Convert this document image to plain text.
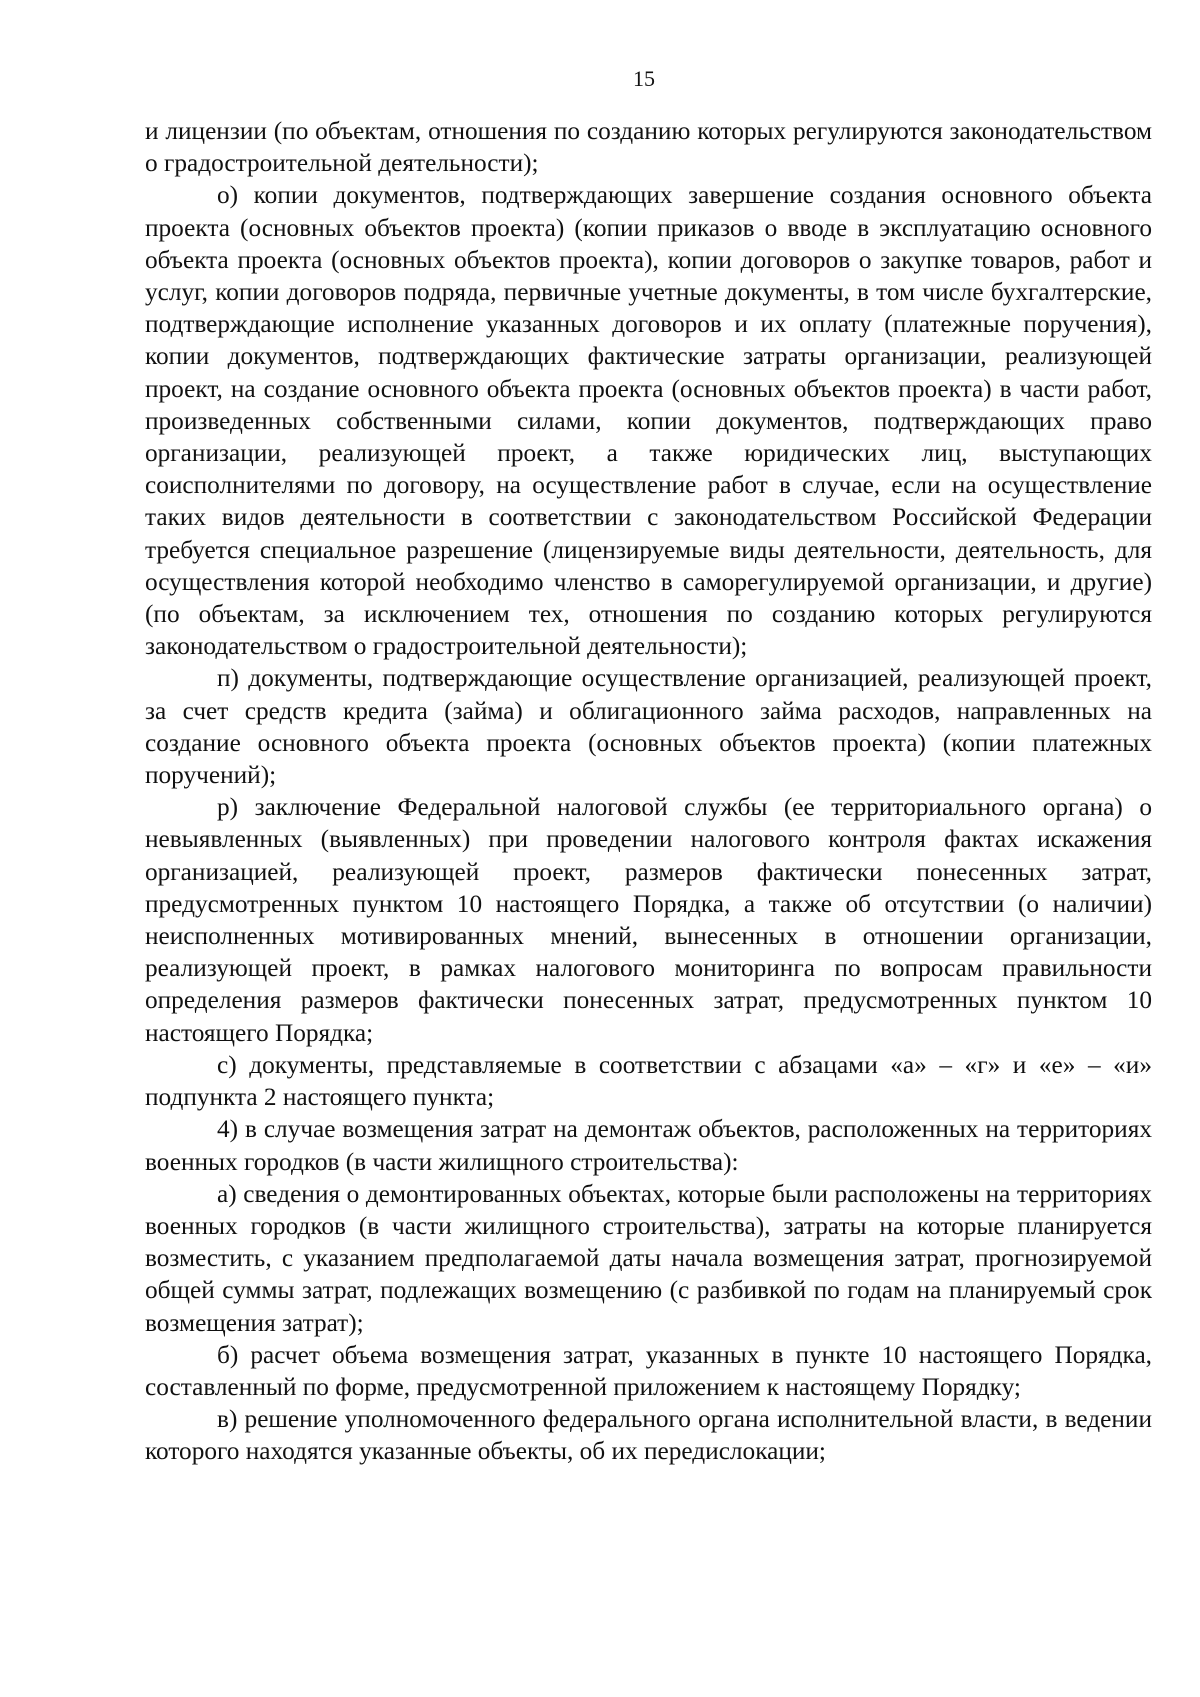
15

и лицензии (по объектам, отношения по созданию которых регулируются законодательством о градостроительной деятельности);

о) копии документов, подтверждающих завершение создания основного объекта проекта (основных объектов проекта) (копии приказов о вводе в эксплуатацию основного объекта проекта (основных объектов проекта), копии договоров о закупке товаров, работ и услуг, копии договоров подряда, первичные учетные документы, в том числе бухгалтерские, подтверждающие исполнение указанных договоров и их оплату (платежные поручения), копии документов, подтверждающих фактические затраты организации, реализующей проект, на создание основного объекта проекта (основных объектов проекта) в части работ, произведенных собственными силами, копии документов, подтверждающих право организации, реализующей проект, а также юридических лиц, выступающих соисполнителями по договору, на осуществление работ в случае, если на осуществление таких видов деятельности в соответствии с законодательством Российской Федерации требуется специальное разрешение (лицензируемые виды деятельности, деятельность, для осуществления которой необходимо членство в саморегулируемой организации, и другие) (по объектам, за исключением тех, отношения по созданию которых регулируются законодательством о градостроительной деятельности);

п) документы, подтверждающие осуществление организацией, реализующей проект, за счет средств кредита (займа) и облигационного займа расходов, направленных на создание основного объекта проекта (основных объектов проекта) (копии платежных поручений);

р) заключение Федеральной налоговой службы (ее территориального органа) о невыявленных (выявленных) при проведении налогового контроля фактах искажения организацией, реализующей проект, размеров фактически понесенных затрат, предусмотренных пунктом 10 настоящего Порядка, а также об отсутствии (о наличии) неисполненных мотивированных мнений, вынесенных в отношении организации, реализующей проект, в рамках налогового мониторинга по вопросам правильности определения размеров фактически понесенных затрат, предусмотренных пунктом 10 настоящего Порядка;

с) документы, представляемые в соответствии с абзацами «а» – «г» и «е» – «и» подпункта 2 настоящего пункта;

4) в случае возмещения затрат на демонтаж объектов, расположенных на территориях военных городков (в части жилищного строительства):

а) сведения о демонтированных объектах, которые были расположены на территориях военных городков (в части жилищного строительства), затраты на которые планируется возместить, с указанием предполагаемой даты начала возмещения затрат, прогнозируемой общей суммы затрат, подлежащих возмещению (с разбивкой по годам на планируемый срок возмещения затрат);

б) расчет объема возмещения затрат, указанных в пункте 10 настоящего Порядка, составленный по форме, предусмотренной приложением к настоящему Порядку;

в) решение уполномоченного федерального органа исполнительной власти, в ведении которого находятся указанные объекты, об их передислокации;
